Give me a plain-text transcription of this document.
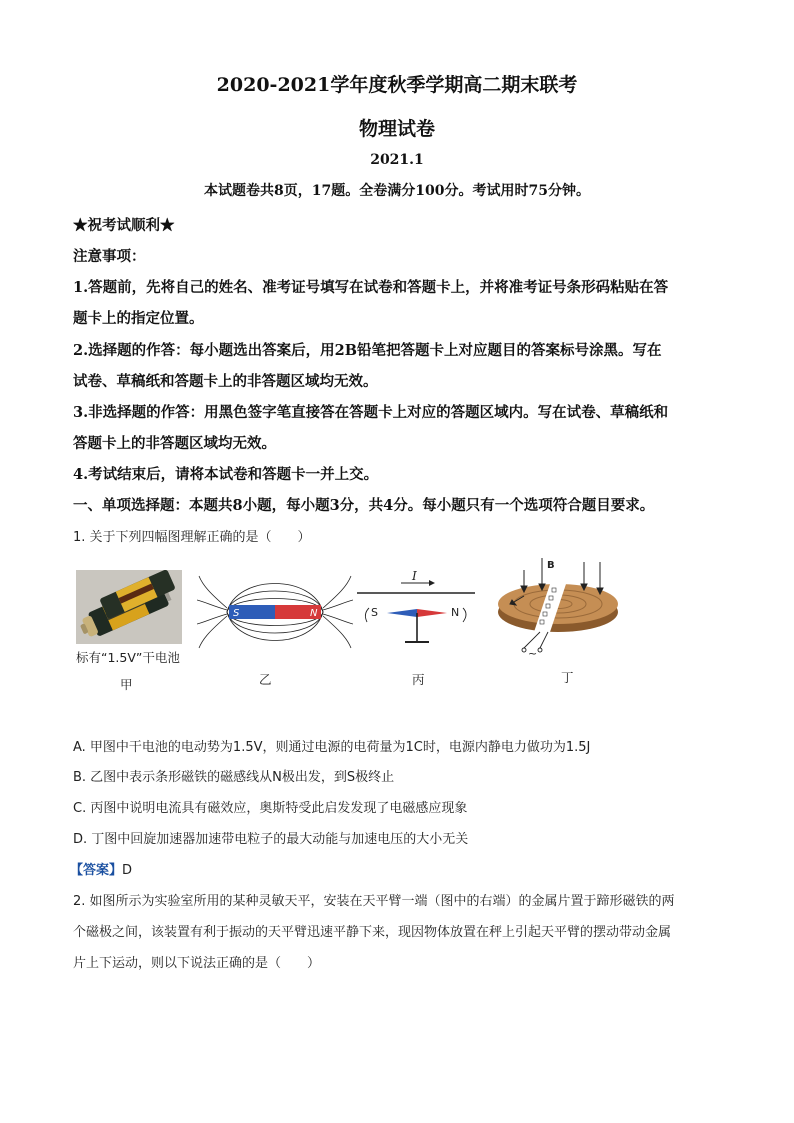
2020-2021学年度秋季学期高二期末联考
物理试卷
2021.1
本试题卷共8页，17题。全卷满分100分。考试用时75分钟。
★祝考试顺利★
注意事项：
1.答题前，先将自己的姓名、准考证号填写在试卷和答题卡上，并将准考证号条形码粘贴在答
题卡上的指定位置。
2.选择题的作答：每小题选出答案后，用2B铅笔把答题卡上对应题目的答案标号涂黑。写在
试卷、草稿纸和答题卡上的非答题区域均无效。
3.非选择题的作答：用黑色签字笔直接答在答题卡上对应的答题区域内。写在试卷、草稿纸和
答题卡上的非答题区域均无效。
4.考试结束后，请将本试卷和答题卡一并上交。
一、单项选择题：本题共8小题，每小题3分，共4分。每小题只有一个选项符合题目要求。
1. 关于下列四幅图理解正确的是（　　）
标有“1.5V”干电池
甲
S	N
乙
I
S	N
丙
B
~
丁
A. 甲图中干电池的电动势为1.5V，则通过电源的电荷量为1C时，电源内静电力做功为1.5J
B. 乙图中表示条形磁铁的磁感线从N极出发，到S极终止
C. 丙图中说明电流具有磁效应，奥斯特受此启发发现了电磁感应现象
D. 丁图中回旋加速器加速带电粒子的最大动能与加速电压的大小无关
【答案】D
2. 如图所示为实验室所用的某种灵敏天平，安装在天平臂一端（图中的右端）的金属片置于蹄形磁铁的两
个磁极之间，该装置有利于振动的天平臂迅速平静下来，现因物体放置在秤上引起天平臂的摆动带动金属
片上下运动，则以下说法正确的是（　　）
